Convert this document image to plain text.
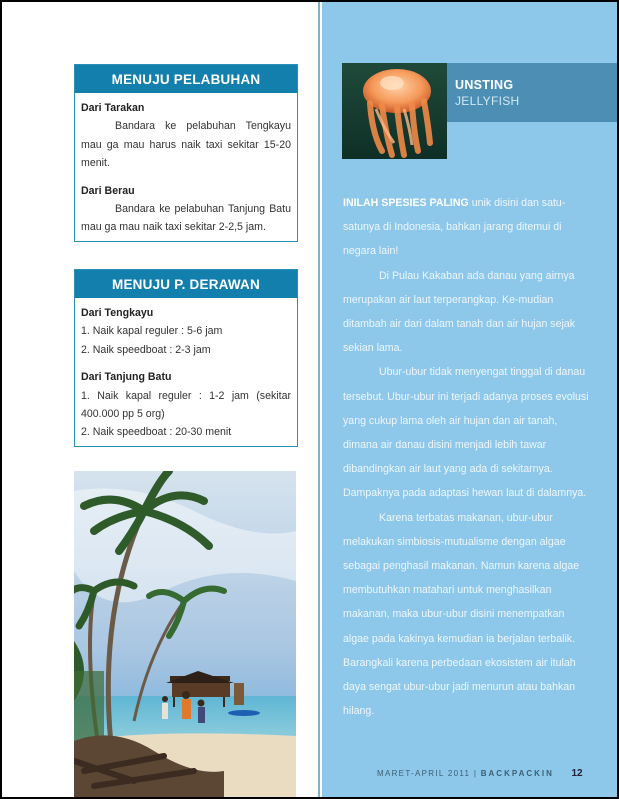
MENUJU PELABUHAN
Dari Tarakan

Bandara ke pelabuhan Tengkayu mau ga mau harus naik taxi sekitar 15-20 menit.

Dari Berau

Bandara ke pelabuhan Tanjung Batu mau ga mau naik taxi sekitar 2-2,5 jam.

MENUJU P. DERAWAN
Dari Tengkayu

1. Naik kapal reguler : 5-6 jam

2. Naik speedboat : 2-3 jam

Dari Tanjung Batu

1. Naik kapal reguler : 1-2 jam (sekitar 400.000 pp 5 org)

2. Naik speedboat : 20-30 menit

UNSTING
JELLYFISH

INILAH SPESIES PALING unik disini dan satu-satunya di Indonesia, bahkan jarang ditemui di negara lain!

Di Pulau Kakaban ada danau yang airnya merupakan air laut terperangkap. Ke-mudian ditambah air dari dalam tanah dan air hujan sejak sekian lama.

Ubur-ubur tidak menyengat tinggal di danau tersebut. Ubur-ubur ini terjadi adanya proses evolusi yang cukup lama oleh air hujan dan air tanah, dimana air danau disini menjadi lebih tawar dibandingkan air laut yang ada di sekitarnya. Dampaknya pada adaptasi hewan laut di dalamnya.

Karena terbatas makanan, ubur-ubur melakukan simbiosis-mutualisme dengan algae sebagai penghasil makanan. Namun karena algae membutuhkan matahari untuk menghasilkan makanan, maka ubur-ubur disini menempatkan algae pada kakinya kemudian ia berjalan terbalik. Barangkali karena perbedaan ekosistem air itulah daya sengat ubur-ubur jadi menurun atau bahkan hilang.

MARET-APRIL 2011 | BACKPACKIN 12
